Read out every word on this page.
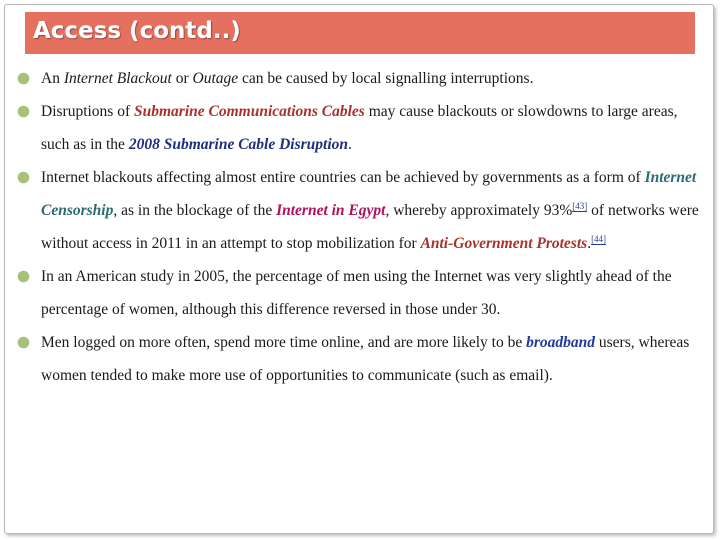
Access (contd..)
An Internet Blackout or Outage can be caused by local signalling interruptions.
Disruptions of Submarine Communications Cables may cause blackouts or slowdowns to large areas, such as in the 2008 Submarine Cable Disruption.
Internet blackouts affecting almost entire countries can be achieved by governments as a form of Internet Censorship, as in the blockage of the Internet in Egypt, whereby approximately 93%[43] of networks were without access in 2011 in an attempt to stop mobilization for Anti-Government Protests.[44]
In an American study in 2005, the percentage of men using the Internet was very slightly ahead of the percentage of women, although this difference reversed in those under 30.
Men logged on more often, spend more time online, and are more likely to be broadband users, whereas women tended to make more use of opportunities to communicate (such as email).
